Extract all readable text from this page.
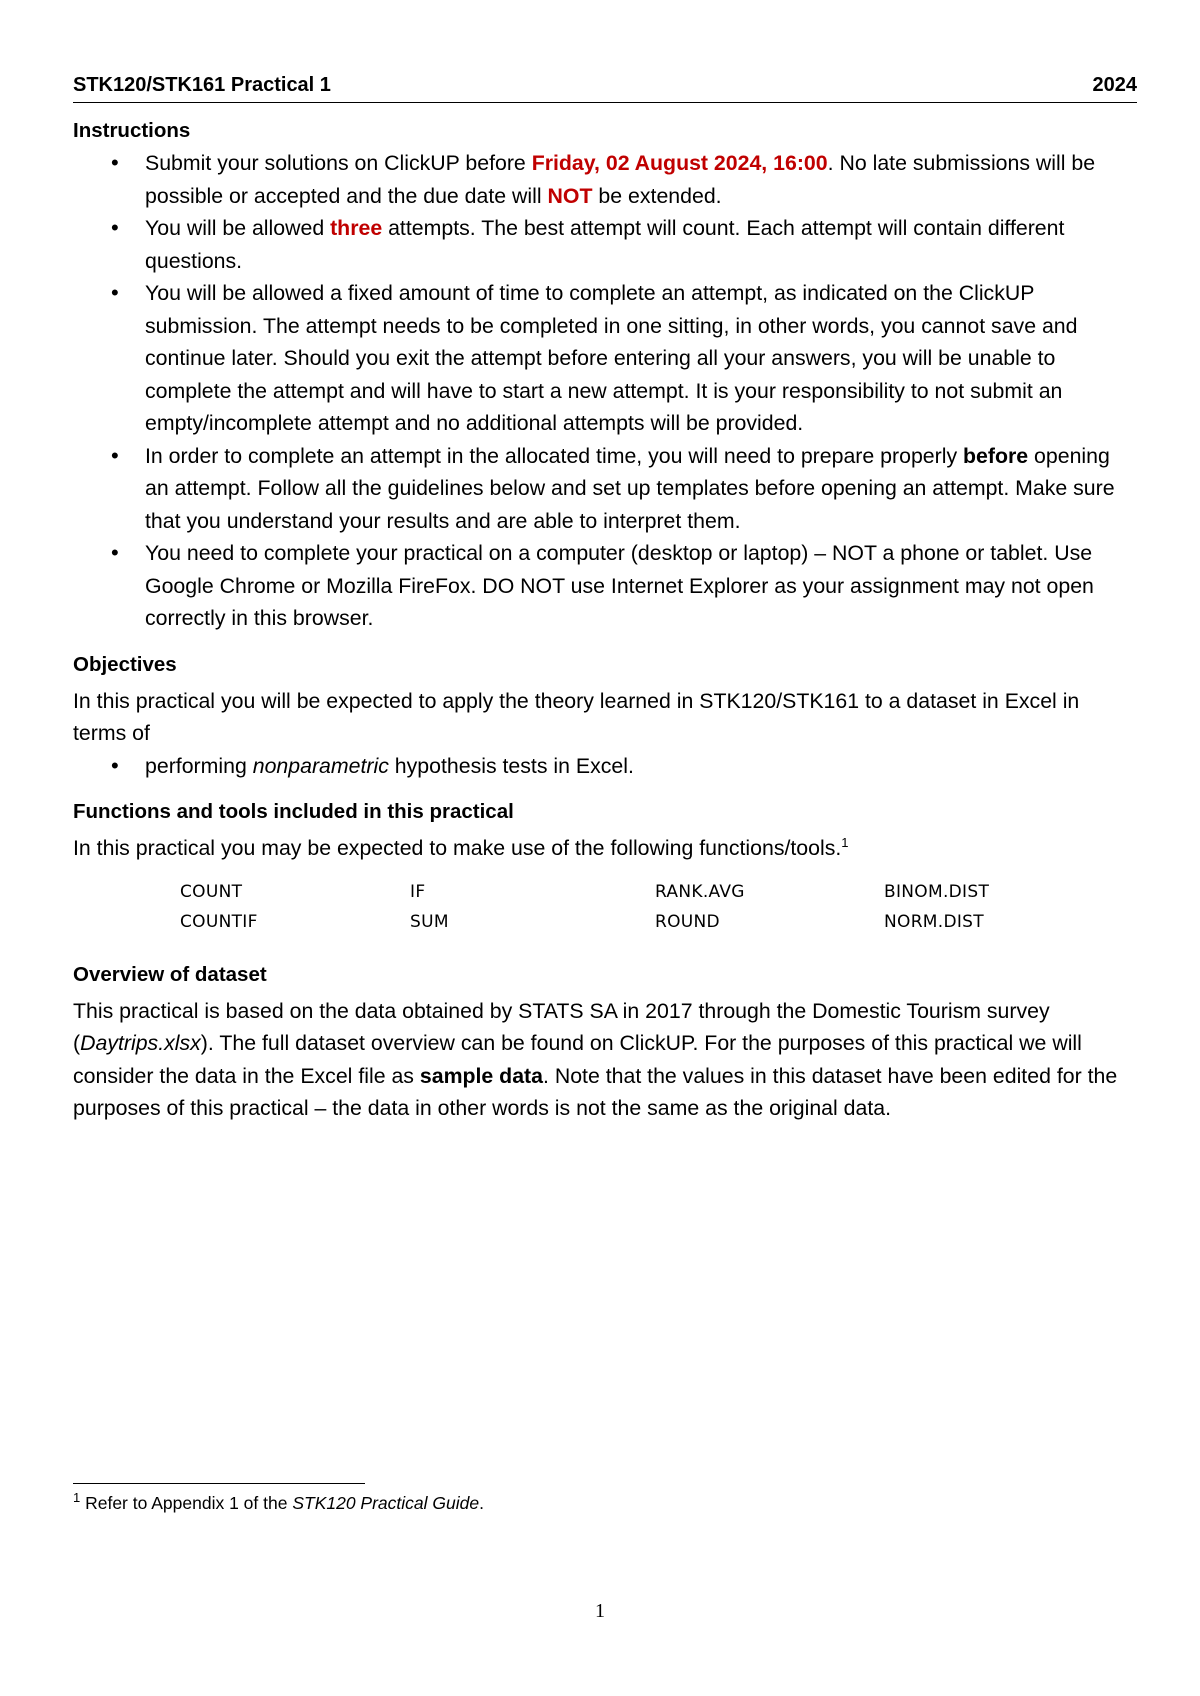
STK120/STK161 Practical 1	2024
Instructions
• Submit your solutions on ClickUP before Friday, 02 August 2024, 16:00. No late submissions will be possible or accepted and the due date will NOT be extended.
• You will be allowed three attempts. The best attempt will count. Each attempt will contain different questions.
• You will be allowed a fixed amount of time to complete an attempt, as indicated on the ClickUP submission. The attempt needs to be completed in one sitting, in other words, you cannot save and continue later. Should you exit the attempt before entering all your answers, you will be unable to complete the attempt and will have to start a new attempt. It is your responsibility to not submit an empty/incomplete attempt and no additional attempts will be provided.
• In order to complete an attempt in the allocated time, you will need to prepare properly before opening an attempt. Follow all the guidelines below and set up templates before opening an attempt. Make sure that you understand your results and are able to interpret them.
• You need to complete your practical on a computer (desktop or laptop) – NOT a phone or tablet. Use Google Chrome or Mozilla FireFox. DO NOT use Internet Explorer as your assignment may not open correctly in this browser.
Objectives

In this practical you will be expected to apply the theory learned in STK120/STK161 to a dataset in Excel in terms of

• performing nonparametric hypothesis tests in Excel.
Functions and tools included in this practical

In this practical you may be expected to make use of the following functions/tools.$^1$

COUNT	IF	RANK.AVG	BINOM.DIST
COUNTIF	SUM	ROUND	NORM.DIST
Overview of dataset

This practical is based on the data obtained by STATS SA in 2017 through the Domestic Tourism survey (Daytrips.xlsx). The full dataset overview can be found on ClickUP. For the purposes of this practical we will consider the data in the Excel file as sample data. Note that the values in this dataset have been edited for the purposes of this practical – the data in other words is not the same as the original data.

$^1$ Refer to Appendix 1 of the STK120 Practical Guide.
1
